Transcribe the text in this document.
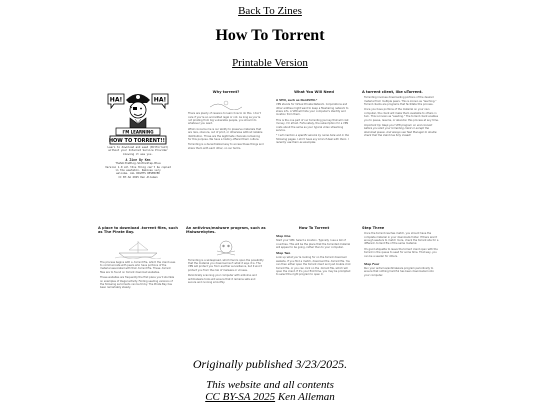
Back To Zines
How To Torrent
Printable Version
HA!	HA!
I'M LEARNING
HOW TO TORRENT!!!
Learn to download and seed (BitTorrent)
without your Internet Service Provider
knowing it was you.
A Zine By Ken
TheSmithsBlog.SmithsStep.Blue
Version 1.0 all this thing can't be copied
in the wastebin. Remixes very
welcome. ALL RIGHTS RESERVED
CC BY-SA 2025 Ken Alleman
Why torrent?

There are plenty of reasons to learn how to do this. I don't care if you're an accredited legal or not. As long as you're not pirating from big vulnerable people, you should do whatever you want.

What concerns me is our ability to preserve materials that are rare, obscure, out of print, or otherwise without reliable distribution. Those are the legitimate channels remaining for this purpose. We have a history-offered them culture.

Torrenting is a decentralized way to access these things and share them with each other, on our terms.

What You Will Need
A VPN, such as NordVPN.*

VPN stands for Virtual Private Network. Corporations and other entities might want to keep a filesharing network to share info. A VPN will hide your computer's identity and location from them.

This is the one part of our torrenting journey that will cost money, I'm afraid. Fortunately, the subscription for a VPN costs about the same as your typical video streaming service.

* I will mention a specific service by name here and in the following pages. I don't have any kind of deal with them. I recently use them as examples.
A torrent client, like uTorrent.

Torrenting involves downloading portions of the desired material from multiple peers. This is known as "leeching." Torrent clients are programs that facilitate this process.

Once you have portions of the material on your own computer, the client will make them available to others in turn. This is known as "seeding." The torrent client enables you to pause, resume, or abandon this process at any time.

Important tip: Keep your VPN program on and connect before you start your torrenting client or accept the download queue. And always use Task Manager to double check that the client has fully closed!
A place to download .torrent files, such as The Pirate Bay.

The process begins with a .torrent file, which the client uses to communicate with peers who have portions of the material associated with that .torrent file. These .torrent files are to found on torrent download websites.

These websites are frequently the first place you'll stumble on examples of illegal activity. Finding seeding versions of the following as torrents can be tricky. The Pirate Bay has been remarkably steady.

An antivirus/malware program, such as Malwarebytes.

Torrenting is a widespread, which favors open the possibility that the material you download isn't what it says it is. The VPN will protect you from another surveillance, but it won't protect you from the risk of malware or viruses.

Periodically scanning your computer with antivirus and antimalware tools will ensure that it remains safe and secure and running smoothly.

How To Torrent
Step One
Start your VPN. Select a location. Typically I use a list of countries. This will be the place that the torrented material will appear to be going, rather than to your computer.
Step Two
Look up what you're looking for on the torrent download website. If you find a match, download the .torrent file. You can then either open the torrent client and just double click torrent file, or you can click on the .torrent file, which will open the client. If it's your first time, you may be prompted to select the right program to open it.
Step Three

Once the torrent reaches match, you should have the complete material in your downloads folder. If there aren't enough seeders to match more, check the torrent site for a different .torrent file of the same material.

It's good etiquette to leave the torrent client open with the torrent in the queue to seed for some time. That way, you can be a seeder for others.

Step Four
Run your antivirus/antimalware program periodically to ensure that nothing harmful has been downloaded onto your computer.
Originally published 3/23/2025.
This website and all contents
CC BY-SA 2025 Ken Alleman
